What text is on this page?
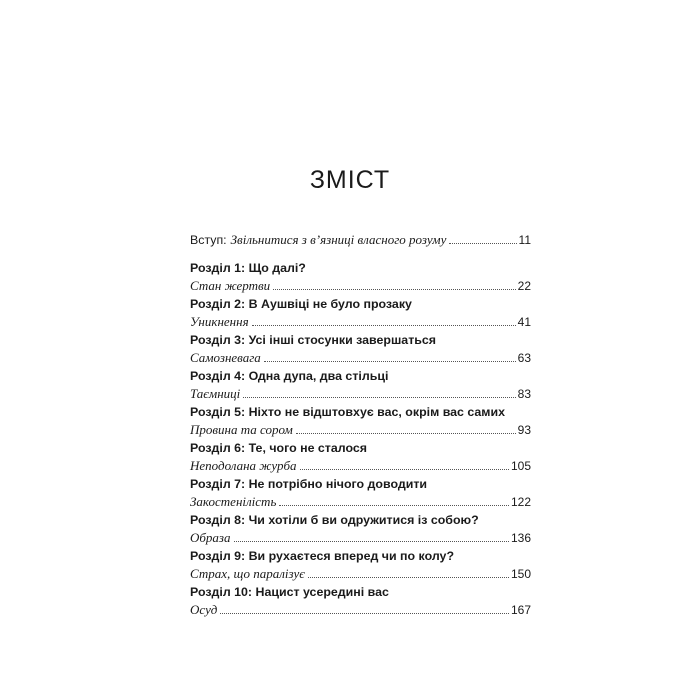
ЗМІСТ
Вступ: Звільнитися з в’язниці власного розуму	11
Розділ 1: Що далі?
Стан жертви	22
Розділ 2: В Аушвіці не було прозаку
Уникнення	41
Розділ 3: Усі інші стосунки завершаться
Самозневага	63
Розділ 4: Одна дупа, два стільці
Таємниці	83
Розділ 5: Ніхто не відштовхує вас, окрім вас самих
Провина та сором	93
Розділ 6: Те, чого не сталося
Неподолана журба	105
Розділ 7: Не потрібно нічого доводити
Закостенілість	122
Розділ 8: Чи хотіли б ви одружитися із собою?
Образа	136
Розділ 9: Ви рухаєтеся вперед чи по колу?
Страх, що паралізує	150
Розділ 10: Нацист усередині вас
Осуд	167
